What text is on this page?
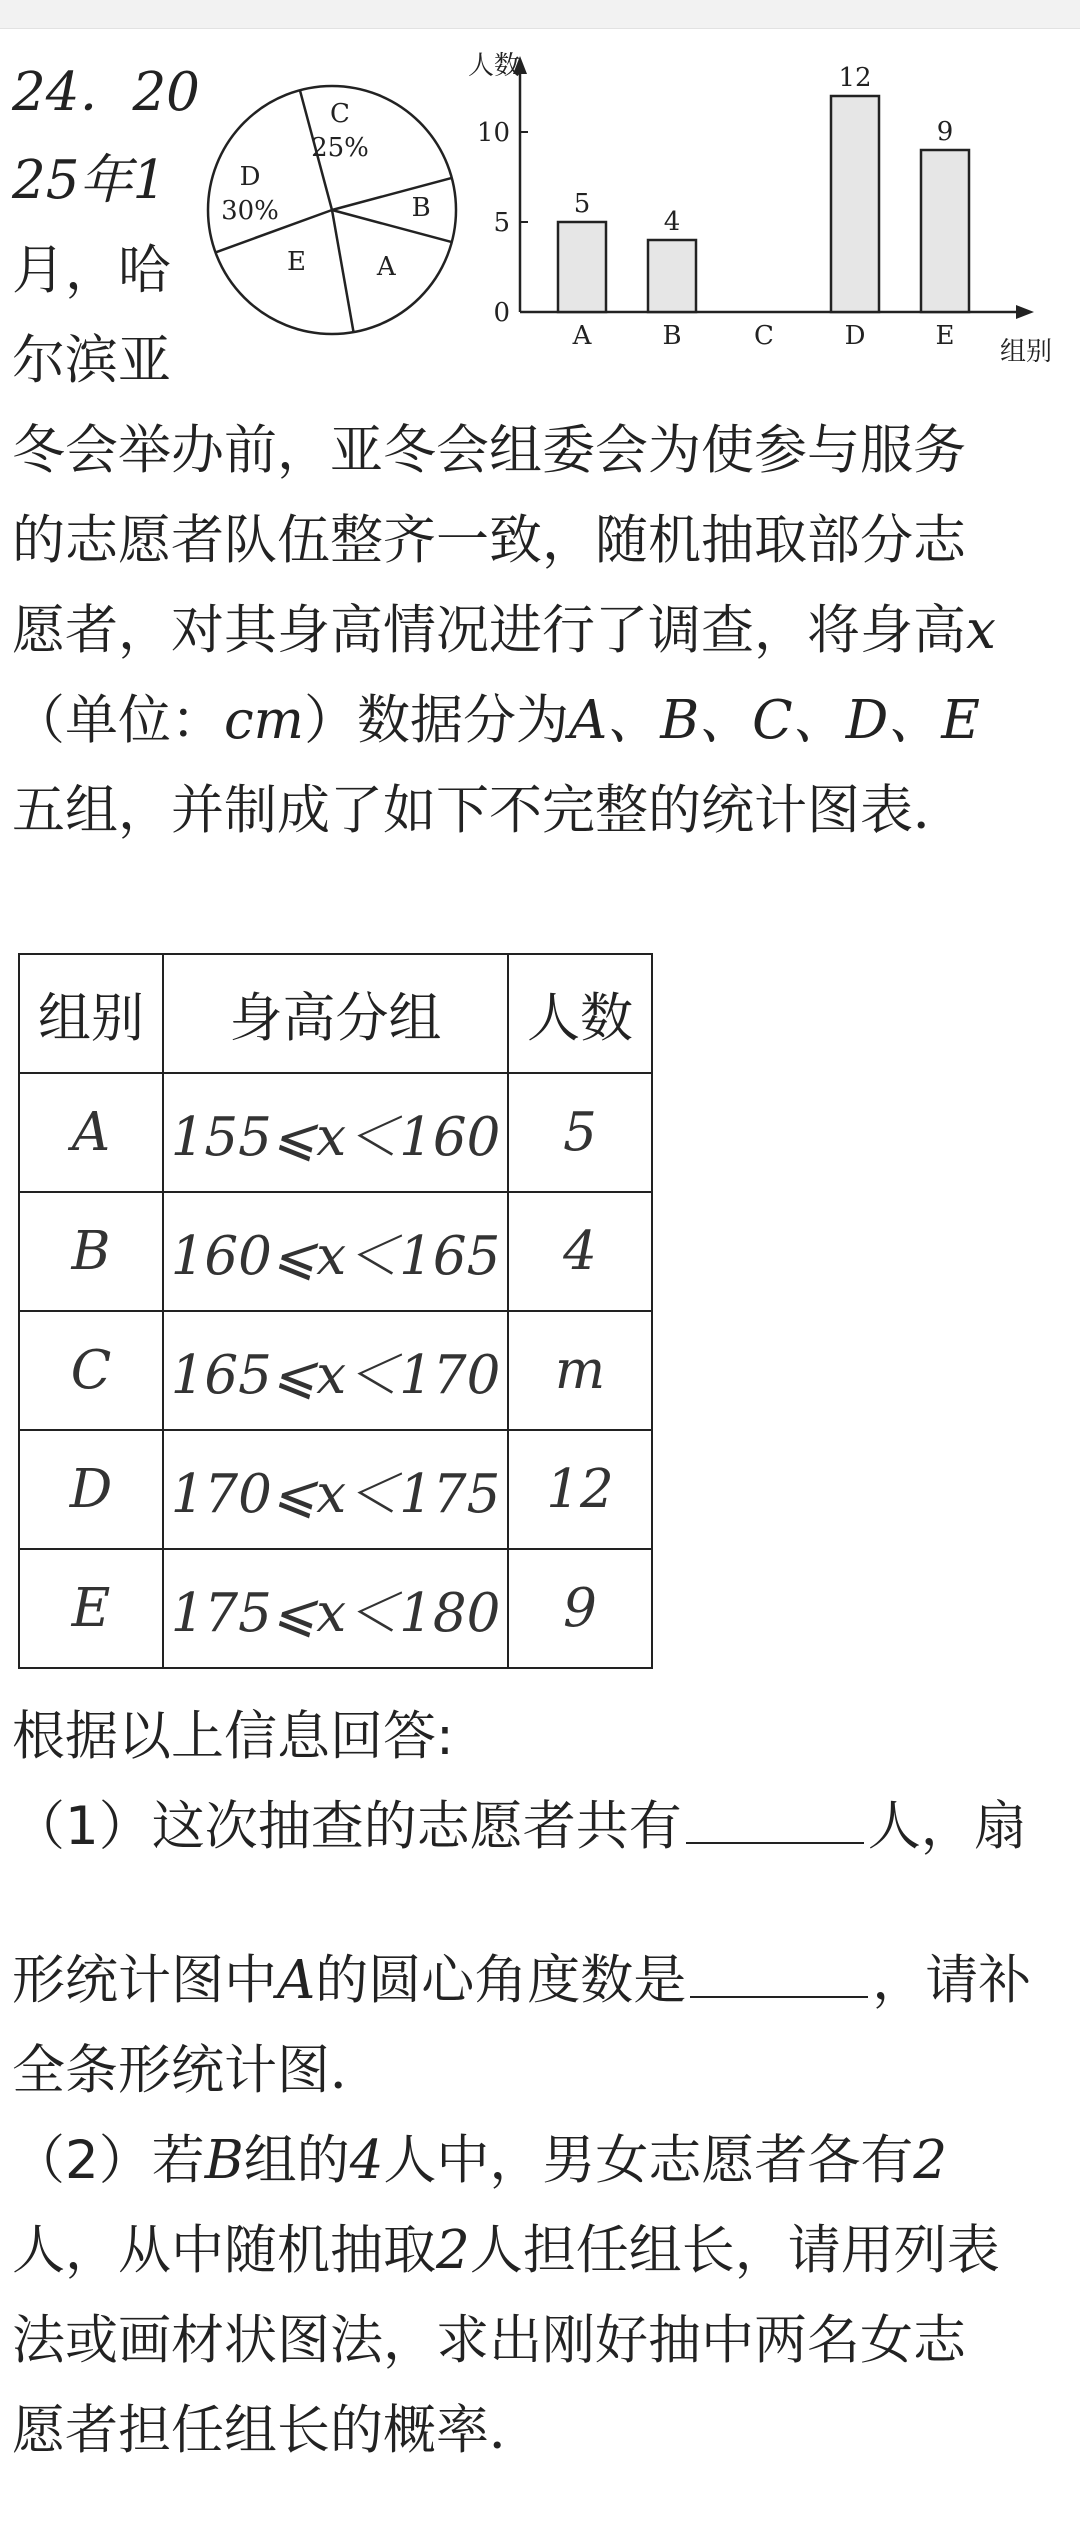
24．20
25年1
月，哈
尔滨亚
C
25%
B
A
E
D
30%
人数
组别
0
5
10
A
5
B
4
C	D
12
E
9
冬会举办前，亚冬会组委会为使参与服务
的志愿者队伍整齐一致，随机抽取部分志
愿者，对其身高情况进行了调查，将身高x
（单位：cm）数据分为A、B、C、D、E
五组，并制成了如下不完整的统计图表．
组别	身高分组	人数
A	155⩽x＜160	5
B	160⩽x＜165	4
C	165⩽x＜170	m
D	170⩽x＜175	12
E	175⩽x＜180	9
根据以上信息回答:
（1）这次抽查的志愿者共有	人，扇
形统计图中A的圆心角度数是	，请补
全条形统计图．
（2）若B组的4人中，男女志愿者各有2
人，从中随机抽取2人担任组长，请用列表
法或画材状图法，求出刚好抽中两名女志
愿者担任组长的概率．
